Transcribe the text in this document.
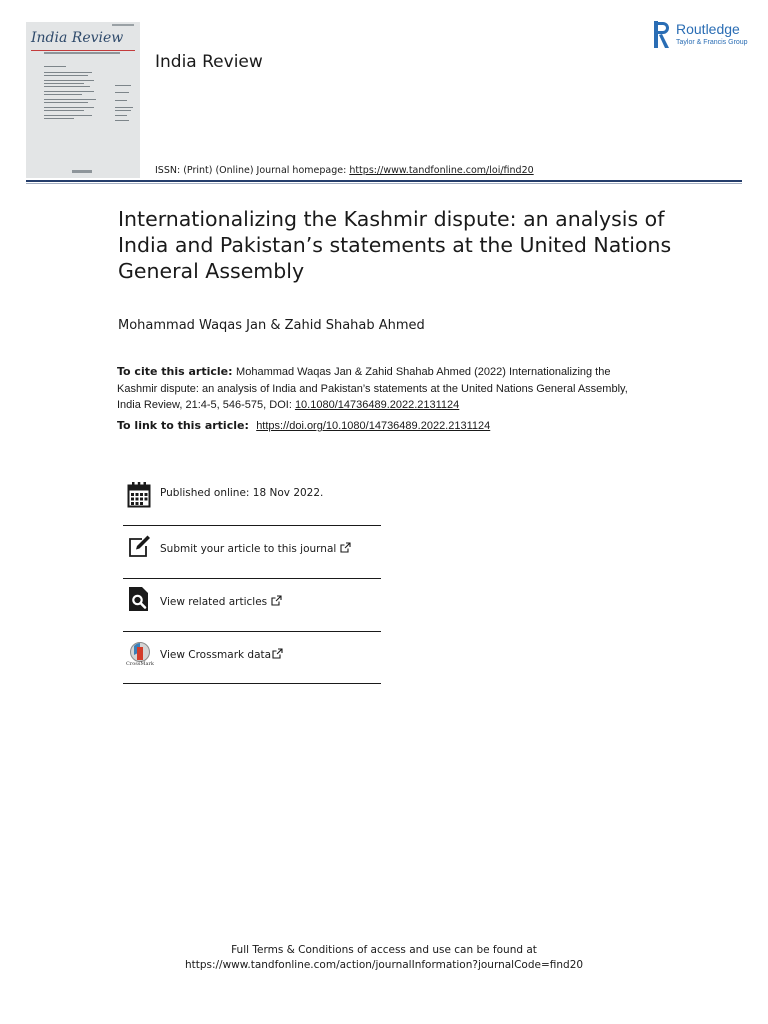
India Review
India Review
Routledge
Taylor & Francis Group
ISSN: (Print) (Online) Journal homepage: https://www.tandfonline.com/loi/find20
Internationalizing the Kashmir dispute: an analysis of India and Pakistan’s statements at the United Nations General Assembly
Mohammad Waqas Jan & Zahid Shahab Ahmed
To cite this article: Mohammad Waqas Jan & Zahid Shahab Ahmed (2022) Internationalizing the Kashmir dispute: an analysis of India and Pakistan’s statements at the United Nations General Assembly, India Review, 21:4-5, 546-575, DOI: 10.1080/14736489.2022.2131124
To link to this article:  https://doi.org/10.1080/14736489.2022.2131124
Published online: 18 Nov 2022.
Submit your article to this journal
View related articles
CrossMark
View Crossmark data
Full Terms & Conditions of access and use can be found at
https://www.tandfonline.com/action/journalInformation?journalCode=find20
